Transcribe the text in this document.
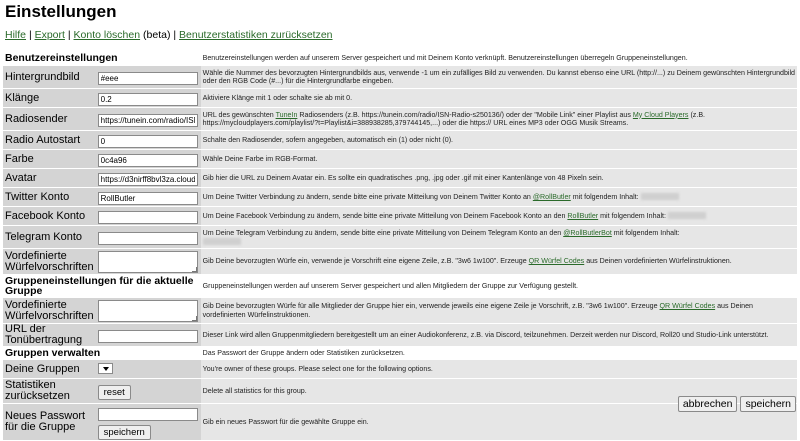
Einstellungen
Hilfe | Export | Konto löschen (beta) | Benutzerstatistiken zurücksetzen
Benutzereinstellungen		Benutzereinstellungen werden auf unserem Server gespeichert und mit Deinem Konto verknüpft. Benutzereinstellungen überregeln Gruppeneinstellungen.
Hintergrundbild	#eee	Wähle die Nummer des bevorzugten Hintergrundbilds aus, verwende -1 um ein zufälliges Bild zu verwenden. Du kannst ebenso eine URL (http://...) zu Deinem gewünschten Hintergrundbild oder den RGB Code (#...) für die Hintergrundfarbe eingeben.
Klänge	0.2	Aktiviere Klänge mit 1 oder schalte sie ab mit 0.
Radiosender	https://tunein.com/radio/ISN-	URL des gewünschten TuneIn Radiosenders (z.B. https://tunein.com/radio/ISN-Radio-s250136/) oder der "Mobile Link" einer Playlist aus My Cloud Players (z.B. https://mycloudplayers.com/playlist/?t=Playlist&i=388938285,379744145,...) oder die https:// URL eines MP3 oder OGG Musik Streams.
Radio Autostart	0	Schalte den Radiosender, sofern angegeben, automatisch ein (1) oder nicht (0).
Farbe	0c4a96	Wähle Deine Farbe im RGB-Format.
Avatar	https://d3nirff8bvl3za.cloudfr	Gib hier die URL zu Deinem Avatar ein. Es sollte ein quadratisches .png, .jpg oder .gif mit einer Kantenlänge von 48 Pixeln sein.
Twitter Konto	RollButler	Um Deine Twitter Verbindung zu ändern, sende bitte eine private Mitteilung von Deinem Twitter Konto an @RollButler mit folgendem Inhalt:
Facebook Konto		Um Deine Facebook Verbindung zu ändern, sende bitte eine private Mitteilung von Deinem Facebook Konto an den RollButler mit folgendem Inhalt:
Telegram Konto		Um Deine Telegram Verbindung zu ändern, sende bitte eine private Mitteilung von Deinem Telegram Konto an den @RollButlerBot mit folgendem Inhalt:

Vordefinierte Würfelvorschriften		Gib Deine bevorzugten Würfe ein, verwende je Vorschrift eine eigene Zeile, z.B. "3w6 1w100". Erzeuge QR Würfel Codes aus Deinen vordefinierten Würfelinstruktionen.
Gruppeneinstellungen für die aktuelle Gruppe		Gruppeneinstellungen werden auf unserem Server gespeichert und allen Mitgliedern der Gruppe zur Verfügung gestellt.
Vordefinierte Würfelvorschriften		Gib Deine bevorzugten Würfe für alle Mitglieder der Gruppe hier ein, verwende jeweils eine eigene Zeile je Vorschrift, z.B. "3w6 1w100". Erzeuge QR Würfel Codes aus Deinen vordefinierten Würfelinstruktionen.
URL der Tonübertragung		Dieser Link wird allen Gruppenmitgliedern bereitgestellt um an einer Audiokonferenz, z.B. via Discord, teilzunehmen. Derzeit werden nur Discord, Roll20 und Studio-Link unterstützt.
Gruppen verwalten		Das Passwort der Gruppe ändern oder Statistiken zurücksetzen.
Deine Gruppen		You're owner of these groups. Please select one for the following options.
Statistiken zurücksetzen	reset	Delete all statistics for this group.
Neues Passwort für die Gruppe	speichern	Gib ein neues Passwort für die gewählte Gruppe ein.
abbrechen	speichern
